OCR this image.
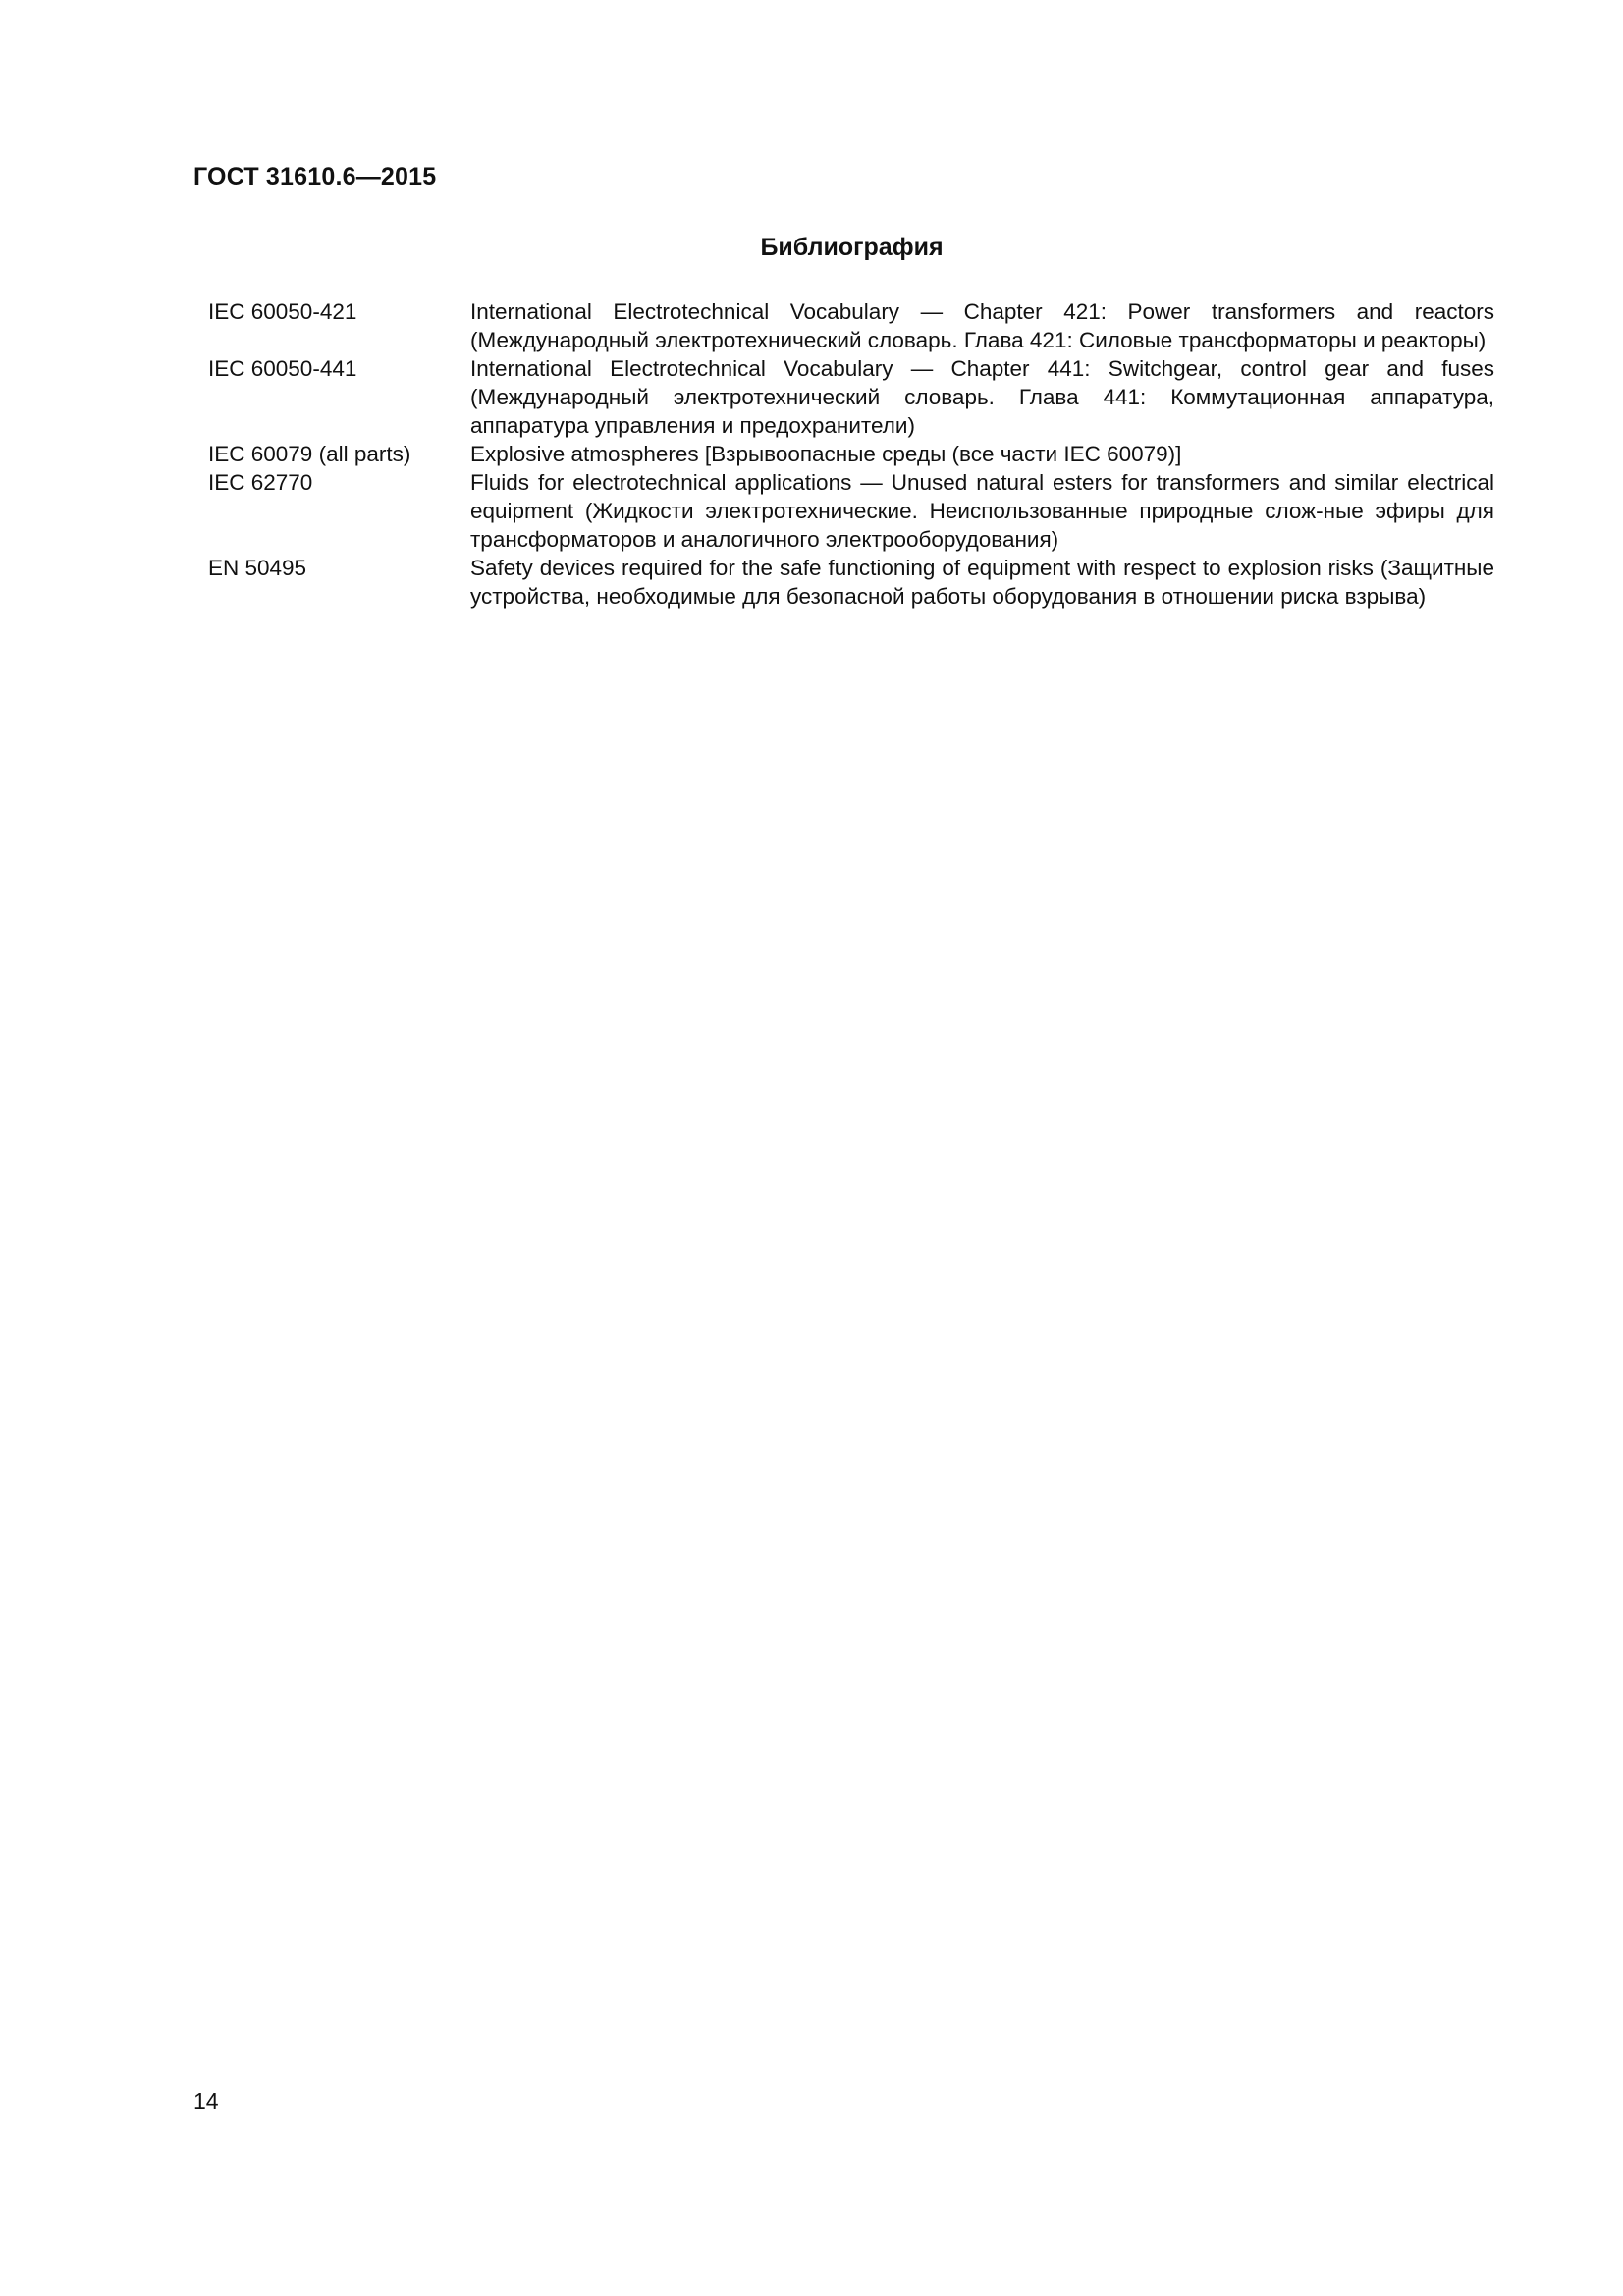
ГОСТ 31610.6—2015

Библиография
IEC 60050-421	International Electrotechnical Vocabulary — Chapter 421: Power transformers and reactors (Международный электротехнический словарь. Глава 421: Силовые трансформаторы и реакторы)
IEC 60050-441	International Electrotechnical Vocabulary — Chapter 441: Switchgear, control gear and fuses (Международный электротехнический словарь. Глава 441: Коммутационная аппаратура, аппаратура управления и предохранители)
IEC 60079 (all parts)	Explosive atmospheres [Взрывоопасные среды (все части IEC 60079)]
IEC 62770	Fluids for electrotechnical applications — Unused natural esters for transformers and similar electrical equipment (Жидкости электротехнические. Неиспользованные природные слож-ные эфиры для трансформаторов и аналогичного электрооборудования)
EN 50495	Safety devices required for the safe functioning of equipment with respect to explosion risks (Защитные устройства, необходимые для безопасной работы оборудования в отношении риска взрыва)

14
